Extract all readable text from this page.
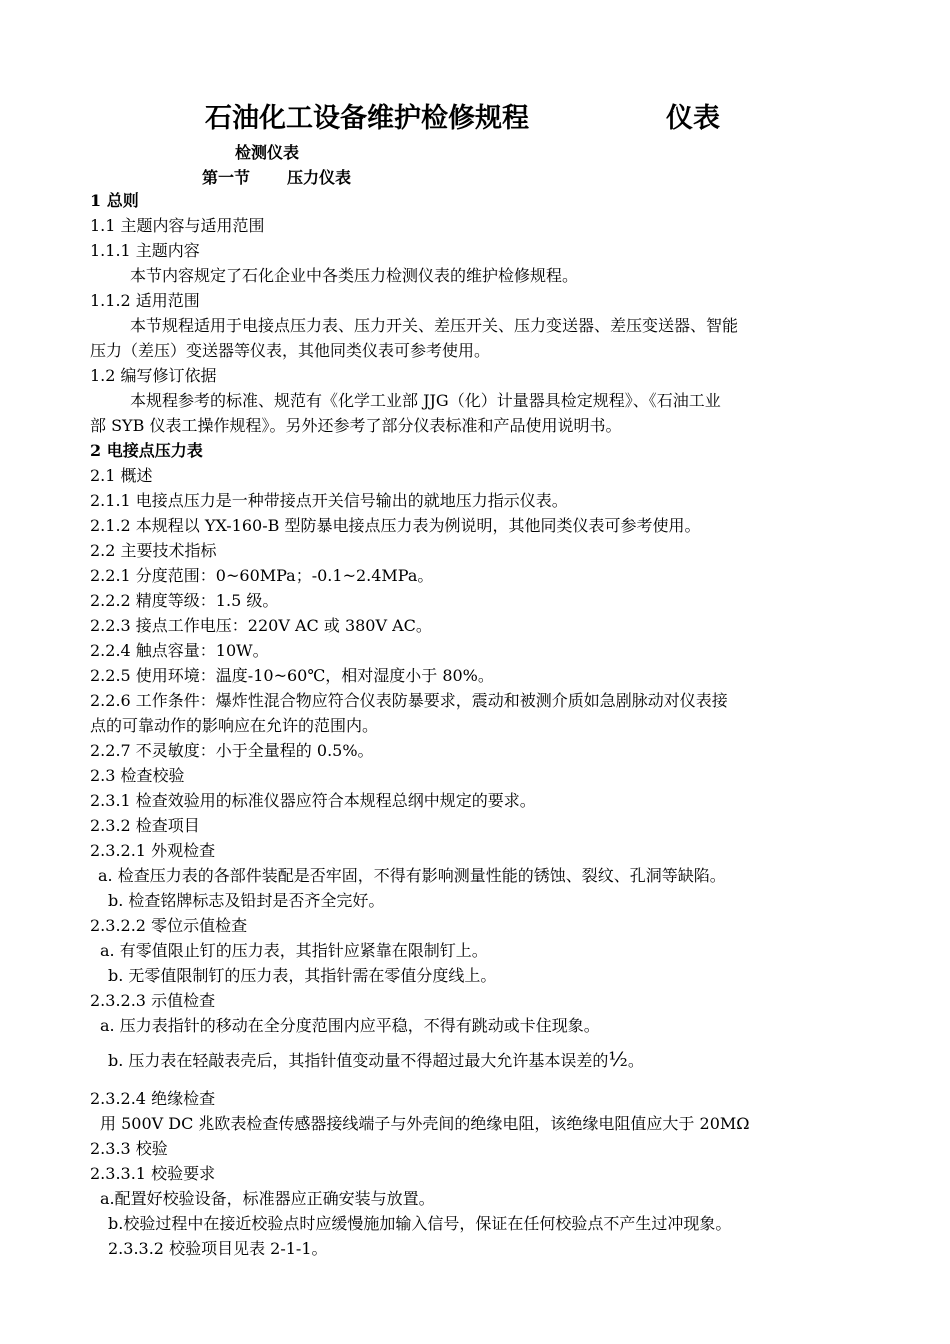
石油化工设备维护检修规程	仪表
检测仪表
第一节 压力仪表
1 总则
1.1 主题内容与适用范围
1.1.1 主题内容
本节内容规定了石化企业中各类压力检测仪表的维护检修规程。
1.1.2 适用范围
本节规程适用于电接点压力表、压力开关、差压开关、压力变送器、差压变送器、智能
压力（差压）变送器等仪表，其他同类仪表可参考使用。
1.2 编写修订依据
本规程参考的标准、规范有《化学工业部 JJG（化）计量器具检定规程》、《石油工业
部 SYB 仪表工操作规程》。另外还参考了部分仪表标准和产品使用说明书。
2 电接点压力表
2.1 概述
2.1.1 电接点压力是一种带接点开关信号输出的就地压力指示仪表。
2.1.2 本规程以 YX-160-B 型防暴电接点压力表为例说明，其他同类仪表可参考使用。
2.2 主要技术指标
2.2.1 分度范围：0~60MPa；-0.1~2.4MPa。
2.2.2 精度等级：1.5 级。
2.2.3 接点工作电压：220V AC 或 380V AC。
2.2.4 触点容量：10W。
2.2.5 使用环境：温度-10~60℃，相对湿度小于 80%。
2.2.6 工作条件：爆炸性混合物应符合仪表防暴要求，震动和被测介质如急剧脉动对仪表接
点的可靠动作的影响应在允许的范围内。
2.2.7 不灵敏度：小于全量程的 0.5%。
2.3 检查校验
2.3.1 检查效验用的标准仪器应符合本规程总纲中规定的要求。
2.3.2 检查项目
2.3.2.1 外观检查
a. 检查压力表的各部件装配是否牢固，不得有影响测量性能的锈蚀、裂纹、孔洞等缺陷。
b. 检查铭牌标志及铅封是否齐全完好。
2.3.2.2 零位示值检查
a. 有零值限止钉的压力表，其指针应紧靠在限制钉上。
b. 无零值限制钉的压力表，其指针需在零值分度线上。
2.3.2.3 示值检查
a. 压力表指针的移动在全分度范围内应平稳，不得有跳动或卡住现象。
b. 压力表在轻敲表壳后，其指针值变动量不得超过最大允许基本误差的½。
2.3.2.4 绝缘检查
用 500V DC 兆欧表检查传感器接线端子与外壳间的绝缘电阻，该绝缘电阻值应大于 20MΩ
2.3.3 校验
2.3.3.1 校验要求
a.配置好校验设备，标准器应正确安装与放置。
b.校验过程中在接近校验点时应缓慢施加输入信号，保证在任何校验点不产生过冲现象。
2.3.3.2 校验项目见表 2-1-1。
